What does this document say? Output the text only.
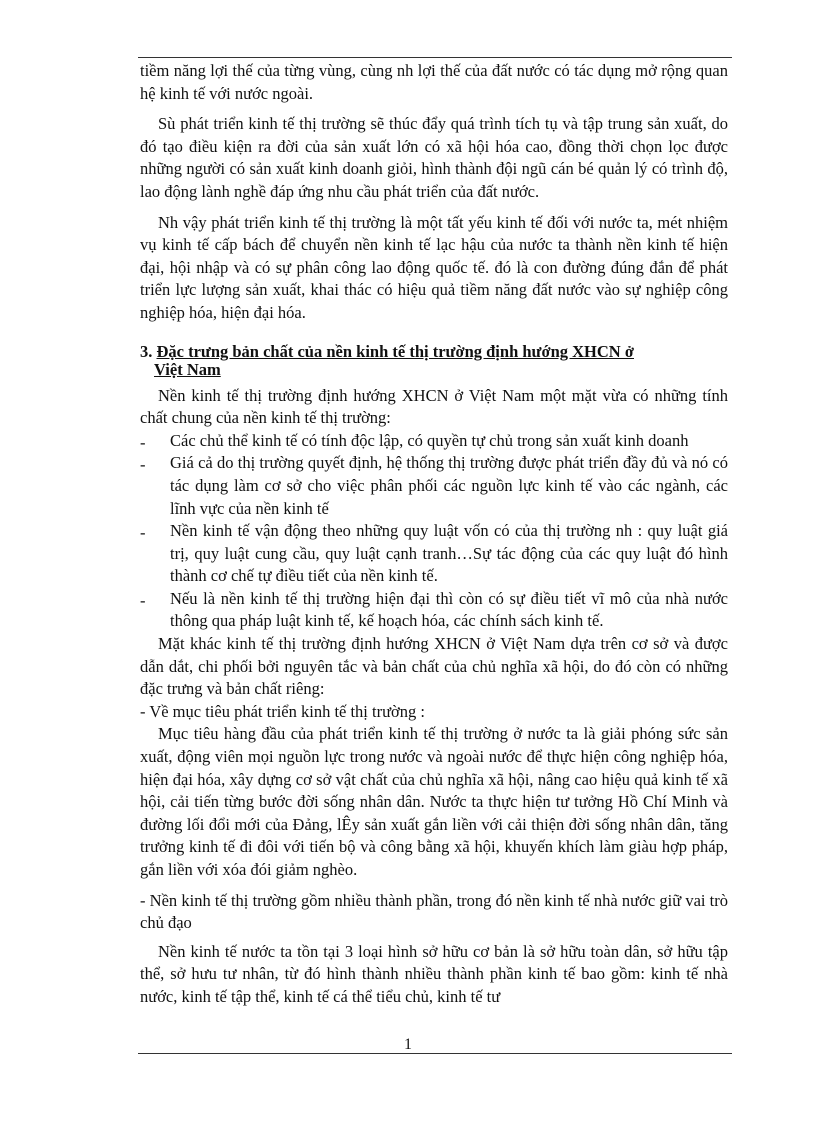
tiềm năng lợi thế của từng vùng, cùng nh lợi thế của đất nước có tác dụng mở rộng quan hệ kinh tế với nước ngoài.

Sù phát triển kinh tế thị trường sẽ thúc đẩy quá trình tích tụ và tập trung sản xuất, do đó tạo điều kiện ra đời của sản xuất lớn có xã hội hóa cao, đồng thời chọn lọc được những người có sản xuất kinh doanh giỏi, hình thành đội ngũ cán bé quản lý có trình độ, lao động lành nghề đáp ứng nhu cầu phát triển của đất nước.

Nh vậy phát triển kinh tế thị trường là một tất yếu kinh tế đối với nước ta, mét nhiệm vụ kinh tế cấp bách để chuyển nền kinh tế lạc hậu của nước ta thành nền kinh tế hiện đại, hội nhập và có sự phân công lao động quốc tế. đó là con đường đúng đắn để phát triển lực lượng sản xuất, khai thác có hiệu quả tiềm năng đất nước vào sự nghiệp công nghiệp hóa, hiện đại hóa.

3. Đặc trưng bản chất của nền kinh tế thị trường định hướng XHCN ở
Việt Nam

Nền kinh tế thị trường định hướng XHCN ở Việt Nam một mặt vừa có những tính chất chung của nền kinh tế thị trường:

- Các chủ thể kinh tế có tính độc lập, có quyền tự chủ trong sản xuất kinh doanh
- Giá cả do thị trường quyết định, hệ thống thị trường được phát triển đầy đủ và nó có tác dụng làm cơ sở cho việc phân phối các nguồn lực kinh tế vào các ngành, các lĩnh vực của nền kinh tế
- Nền kinh tế vận động theo những quy luật vốn có của thị trường nh : quy luật giá trị, quy luật cung cầu, quy luật cạnh tranh…Sự tác động của các quy luật đó hình thành cơ chế tự điều tiết của nền kinh tế.
- Nếu là nền kinh tế thị trường hiện đại thì còn có sự điều tiết vĩ mô của nhà nước thông qua pháp luật kinh tế, kế hoạch hóa, các chính sách kinh tế.

Mặt khác kinh tế thị trường định hướng XHCN ở Việt Nam dựa trên cơ sở và được dẫn dắt, chi phối bởi nguyên tắc và bản chất của chủ nghĩa xã hội, do đó còn có những đặc trưng và bản chất riêng:

- Về mục tiêu phát triển kinh tế thị trường :

Mục tiêu hàng đầu của phát triển kinh tế thị trường ở nước ta là giải phóng sức sản xuất, động viên mọi nguồn lực trong nước và ngoài nước để thực hiện công nghiệp hóa, hiện đại hóa, xây dựng cơ sở vật chất của chủ nghĩa xã hội, nâng cao hiệu quả kinh tế xã hội, cải tiến từng bước đời sống nhân dân. Nước ta thực hiện tư tưởng Hồ Chí Minh và đường lối đổi mới của Đảng, lÊy sản xuất gắn liền với cải thiện đời sống nhân dân, tăng trưởng kinh tế đi đôi với tiến bộ và công bằng xã hội, khuyến khích làm giàu hợp pháp, gắn liền với xóa đói giảm nghèo.

- Nền kinh tế thị trường gồm nhiều thành phần, trong đó nền kinh tế nhà nước giữ vai trò chủ đạo

Nền kinh tế nước ta tồn tại 3 loại hình sở hữu cơ bản là sở hữu toàn dân, sở hữu tập thể, sở hưu tư nhân, từ đó hình thành nhiều thành phần kinh tế bao gồm: kinh tế nhà nước, kinh tế tập thể, kinh tế cá thể tiểu chủ, kinh tế tư

1
